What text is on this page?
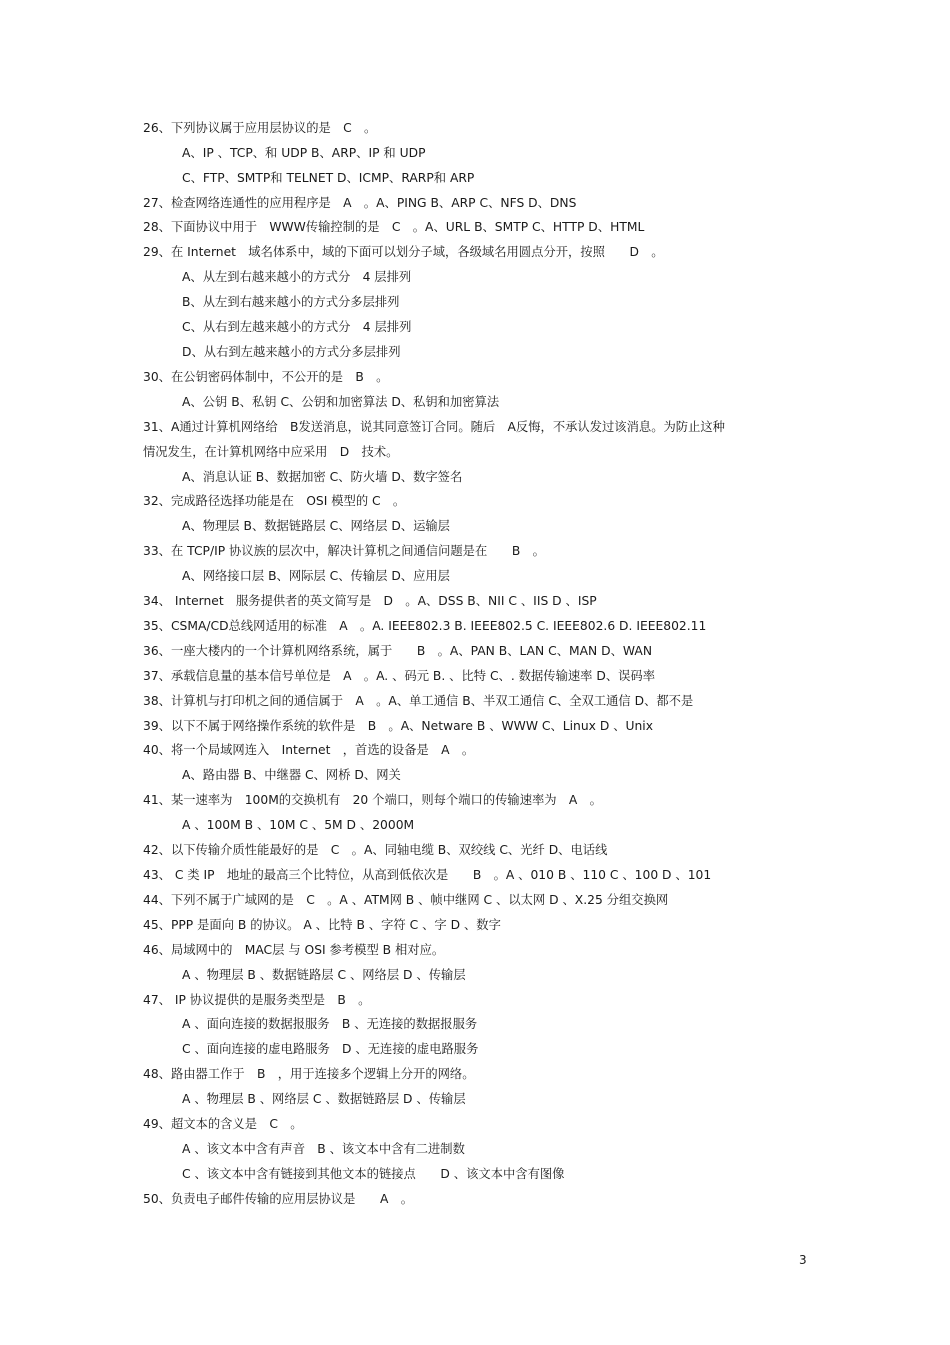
26、下列协议属于应用层协议的是　C　。
A、IP 、TCP、和 UDP B、ARP、IP 和 UDP
C、FTP、SMTP和 TELNET D、ICMP、RARP和 ARP
27、检查网络连通性的应用程序是　A　。A、PING B、ARP C、NFS D、DNS
28、下面协议中用于　WWW传输控制的是　C　。A、URL B、SMTP C、HTTP D、HTML
29、在 Internet　域名体系中，域的下面可以划分子域，各级域名用圆点分开，按照　　D　。
A、从左到右越来越小的方式分　4 层排列
B、从左到右越来越小的方式分多层排列
C、从右到左越来越小的方式分　4 层排列
D、从右到左越来越小的方式分多层排列
30、在公钥密码体制中，不公开的是　B　。
A、公钥 B、私钥 C、公钥和加密算法 D、私钥和加密算法
31、A通过计算机网络给　B发送消息，说其同意签订合同。随后　A反悔，不承认发过该消息。为防止这种
情况发生，在计算机网络中应采用　D　技术。
A、消息认证 B、数据加密 C、防火墙 D、数字签名
32、完成路径选择功能是在　OSI 模型的 C　。
A、物理层 B、数据链路层 C、网络层 D、运输层
33、在 TCP/IP 协议族的层次中，解决计算机之间通信问题是在　　B　。
A、网络接口层 B、网际层 C、传输层 D、应用层
34、 Internet　服务提供者的英文简写是　D　。A、DSS B、NII C 、IIS D 、ISP
35、CSMA/CD总线网适用的标准　A　。A. IEEE802.3 B. IEEE802.5 C. IEEE802.6 D. IEEE802.11
36、一座大楼内的一个计算机网络系统，属于　　B　。A、PAN B、LAN C、MAN D、WAN
37、承载信息量的基本信号单位是　A　。A. 、码元 B. 、比特 C、. 数据传输速率 D、误码率
38、计算机与打印机之间的通信属于　A　。A、单工通信 B、半双工通信 C、全双工通信 D、都不是
39、以下不属于网络操作系统的软件是　B　。A、Netware B 、WWW C、Linux D 、Unix
40、将一个局域网连入　Internet　，首选的设备是　A　。
A、路由器 B、中继器 C、网桥 D、网关
41、某一速率为　100M的交换机有　20 个端口，则每个端口的传输速率为　A　。
A 、100M B 、10M C 、5M D 、2000M
42、以下传输介质性能最好的是　C　。A、同轴电缆 B、双绞线 C、光纤 D、电话线
43、 C 类 IP　地址的最高三个比特位，从高到低依次是　　B　。A 、010 B 、110 C 、100 D 、101
44、下列不属于广域网的是　C　。A 、ATM网 B 、帧中继网 C 、以太网 D 、X.25 分组交换网
45、PPP 是面向 B 的协议。 A 、比特 B 、字符 C 、字 D 、数字
46、局域网中的　MAC层 与 OSI 参考模型 B 相对应。
A 、物理层 B 、数据链路层 C 、网络层 D 、传输层
47、 IP 协议提供的是服务类型是　B　。
A 、面向连接的数据报服务　B 、无连接的数据报服务
C 、面向连接的虚电路服务　D 、无连接的虚电路服务
48、路由器工作于　B　，用于连接多个逻辑上分开的网络。
A 、物理层 B 、网络层 C 、数据链路层 D 、传输层
49、超文本的含义是　C　。
A 、该文本中含有声音　B 、该文本中含有二进制数
C 、该文本中含有链接到其他文本的链接点　　D 、该文本中含有图像
50、负责电子邮件传输的应用层协议是　　A　。
3
